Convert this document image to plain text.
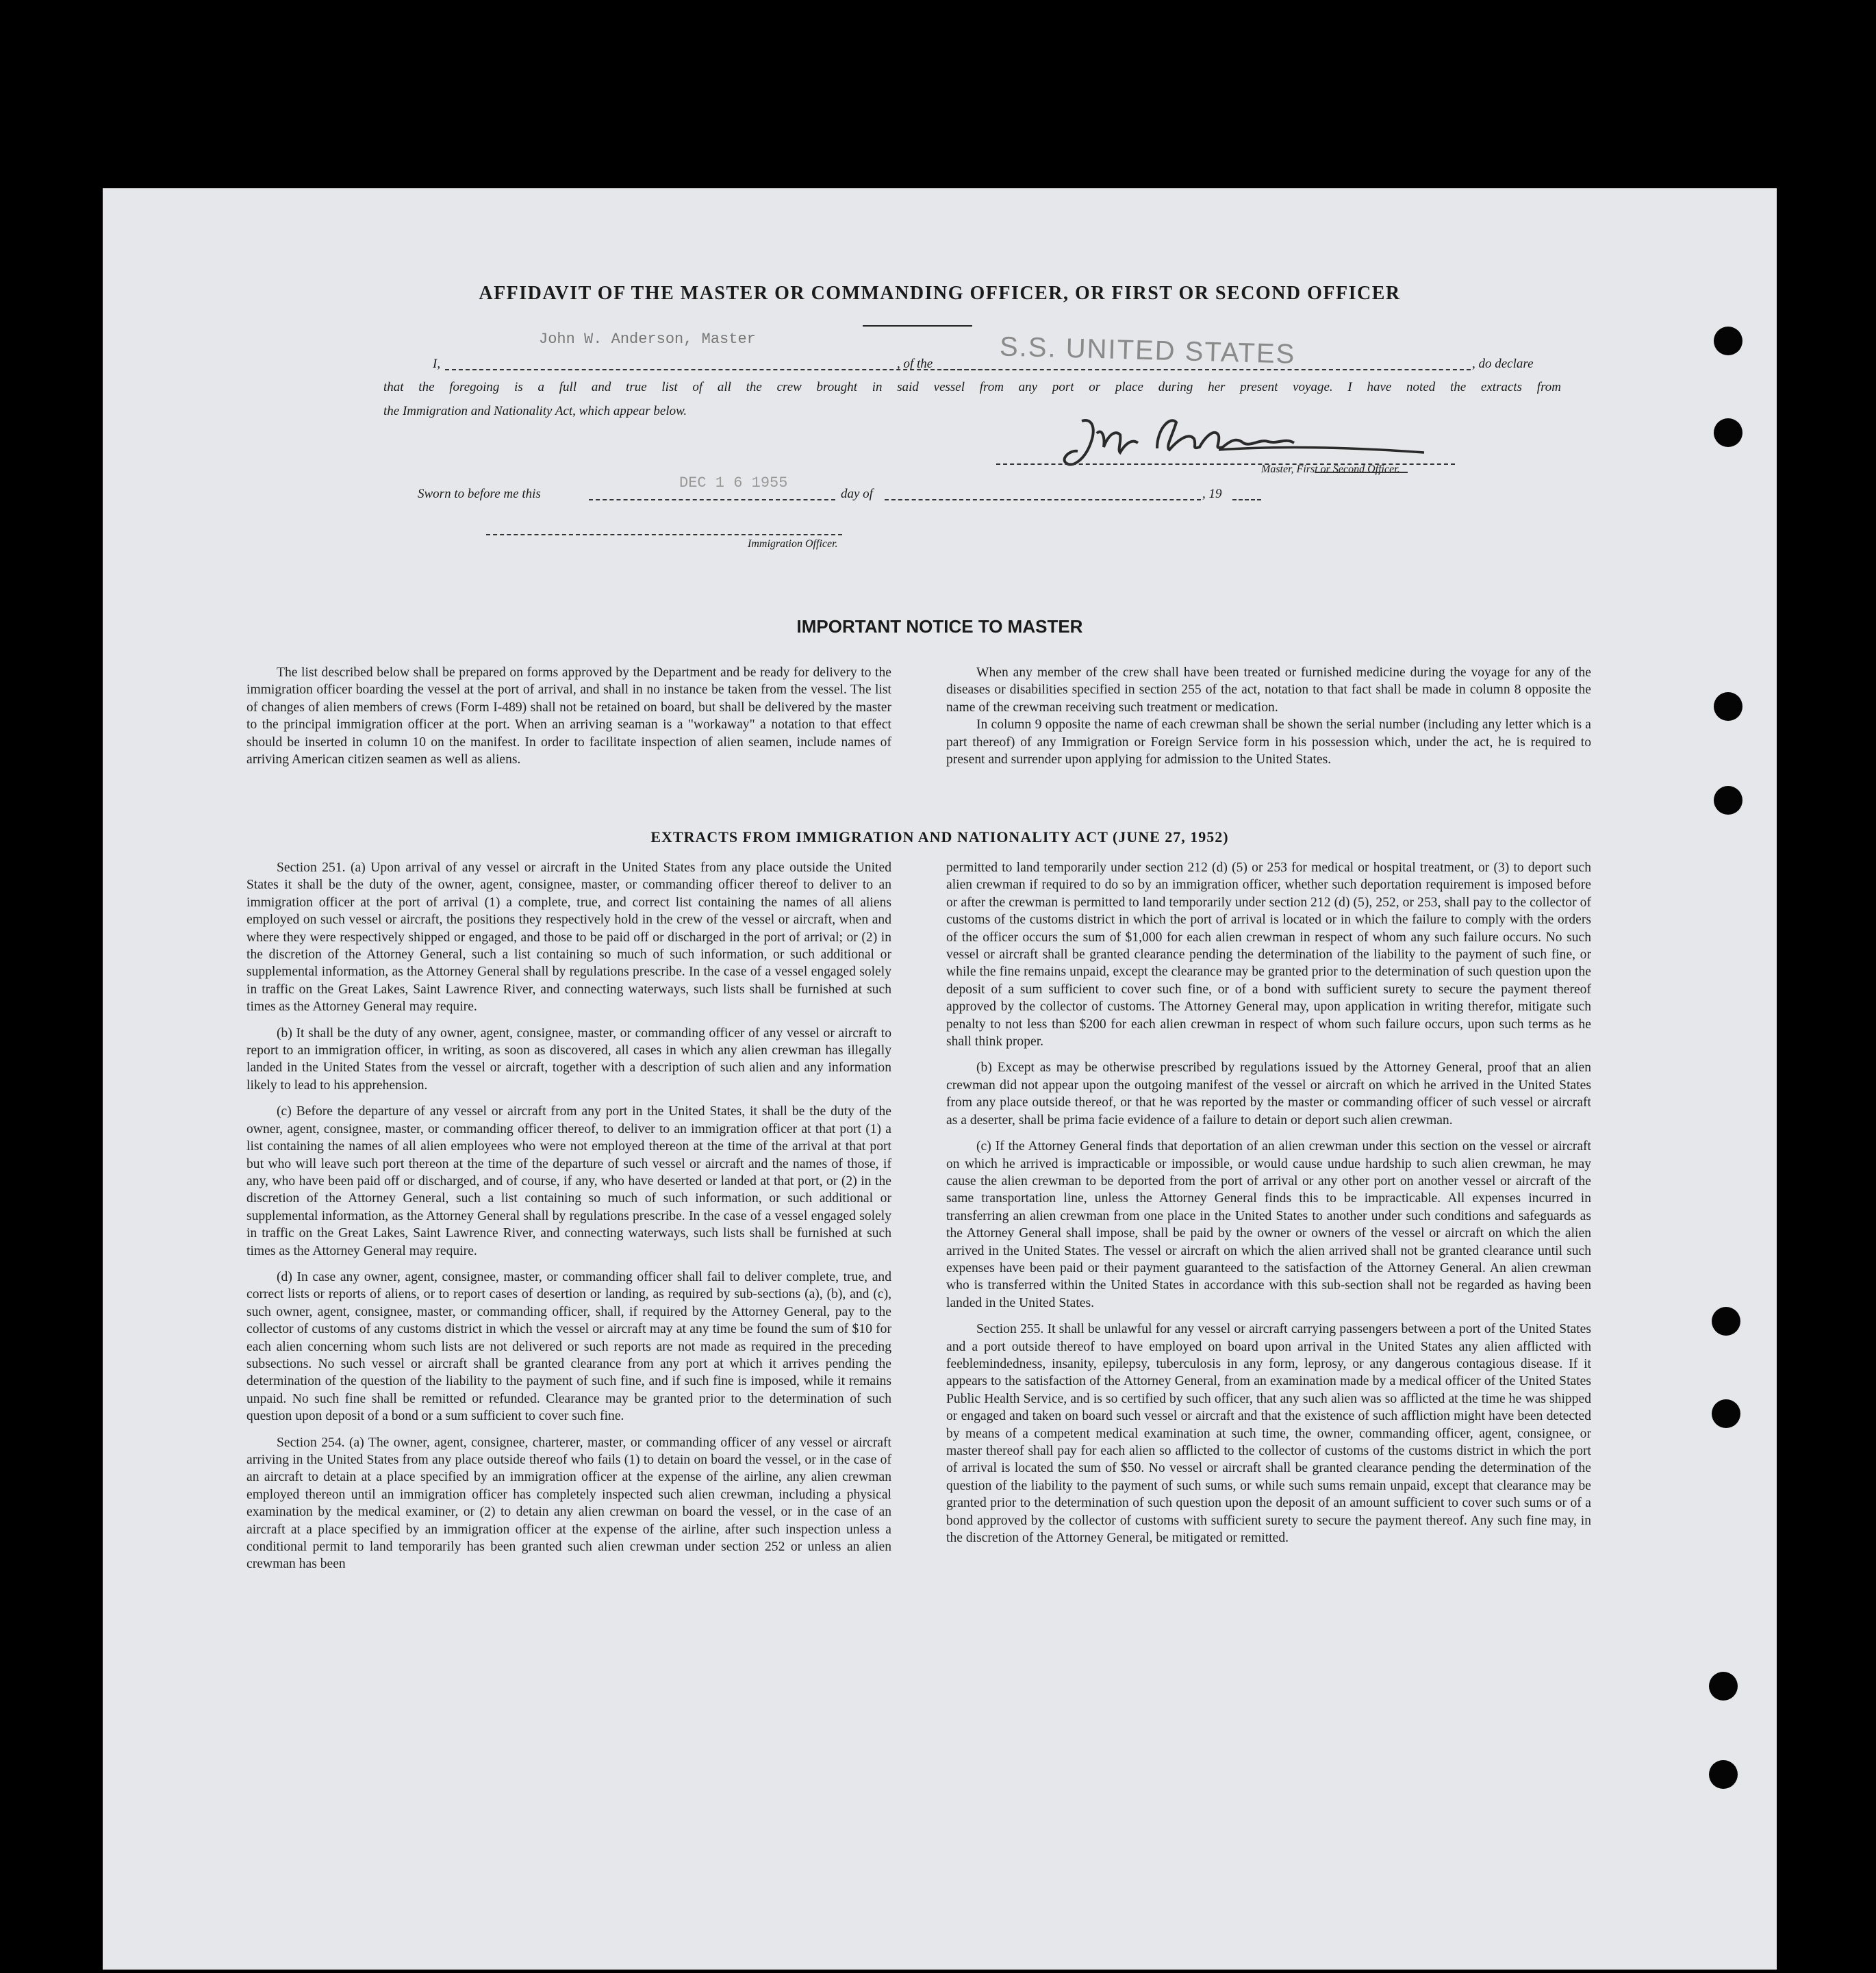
AFFIDAVIT OF THE MASTER OR COMMANDING OFFICER, OR FIRST OR SECOND OFFICER
John W. Anderson, Master
I,	, of the S.S. UNITED STATES	, do declare
that the foregoing is a full and true list of all the crew brought in said vessel from any port or place during her present voyage. I have noted the extracts from
the Immigration and Nationality Act, which appear below.
Master, First or Second Officer.
Sworn to before me this
DEC 1 6 1955
day of	, 19
Immigration Officer.
IMPORTANT NOTICE TO MASTER

The list described below shall be prepared on forms approved by the Department and be ready for delivery to the immigration officer boarding the vessel at the port of arrival, and shall in no instance be taken from the vessel. The list of changes of alien members of crews (Form I-489) shall not be retained on board, but shall be delivered by the master to the principal immigration officer at the port. When an arriving seaman is a "workaway" a notation to that effect should be inserted in column 10 on the manifest. In order to facilitate inspection of alien seamen, include names of arriving American citizen seamen as well as aliens.

When any member of the crew shall have been treated or furnished medicine during the voyage for any of the diseases or disabilities specified in section 255 of the act, notation to that fact shall be made in column 8 opposite the name of the crewman receiving such treatment or medication.

In column 9 opposite the name of each crewman shall be shown the serial number (including any letter which is a part thereof) of any Immigration or Foreign Service form in his possession which, under the act, he is required to present and surrender upon applying for admission to the United States.

EXTRACTS FROM IMMIGRATION AND NATIONALITY ACT (JUNE 27, 1952)

Section 251. (a) Upon arrival of any vessel or aircraft in the United States from any place outside the United States it shall be the duty of the owner, agent, consignee, master, or commanding officer thereof to deliver to an immigration officer at the port of arrival (1) a complete, true, and correct list containing the names of all aliens employed on such vessel or aircraft, the positions they respectively hold in the crew of the vessel or aircraft, when and where they were respectively shipped or engaged, and those to be paid off or discharged in the port of arrival; or (2) in the discretion of the Attorney General, such a list containing so much of such information, or such additional or supplemental information, as the Attorney General shall by regulations prescribe. In the case of a vessel engaged solely in traffic on the Great Lakes, Saint Lawrence River, and connecting waterways, such lists shall be furnished at such times as the Attorney General may require.

(b) It shall be the duty of any owner, agent, consignee, master, or commanding officer of any vessel or aircraft to report to an immigration officer, in writing, as soon as discovered, all cases in which any alien crewman has illegally landed in the United States from the vessel or aircraft, together with a description of such alien and any information likely to lead to his apprehension.

(c) Before the departure of any vessel or aircraft from any port in the United States, it shall be the duty of the owner, agent, consignee, master, or commanding officer thereof, to deliver to an immigration officer at that port (1) a list containing the names of all alien employees who were not employed thereon at the time of the arrival at that port but who will leave such port thereon at the time of the departure of such vessel or aircraft and the names of those, if any, who have been paid off or discharged, and of course, if any, who have deserted or landed at that port, or (2) in the discretion of the Attorney General, such a list containing so much of such information, or such additional or supplemental information, as the Attorney General shall by regulations prescribe. In the case of a vessel engaged solely in traffic on the Great Lakes, Saint Lawrence River, and connecting waterways, such lists shall be furnished at such times as the Attorney General may require.

(d) In case any owner, agent, consignee, master, or commanding officer shall fail to deliver complete, true, and correct lists or reports of aliens, or to report cases of desertion or landing, as required by sub-sections (a), (b), and (c), such owner, agent, consignee, master, or commanding officer, shall, if required by the Attorney General, pay to the collector of customs of any customs district in which the vessel or aircraft may at any time be found the sum of $10 for each alien concerning whom such lists are not delivered or such reports are not made as required in the preceding subsections. No such vessel or aircraft shall be granted clearance from any port at which it arrives pending the determination of the question of the liability to the payment of such fine, and if such fine is imposed, while it remains unpaid. No such fine shall be remitted or refunded. Clearance may be granted prior to the determination of such question upon deposit of a bond or a sum sufficient to cover such fine.

Section 254. (a) The owner, agent, consignee, charterer, master, or commanding officer of any vessel or aircraft arriving in the United States from any place outside thereof who fails (1) to detain on board the vessel, or in the case of an aircraft to detain at a place specified by an immigration officer at the expense of the airline, any alien crewman employed thereon until an immigration officer has completely inspected such alien crewman, including a physical examination by the medical examiner, or (2) to detain any alien crewman on board the vessel, or in the case of an aircraft at a place specified by an immigration officer at the expense of the airline, after such inspection unless a conditional permit to land temporarily has been granted such alien crewman under section 252 or unless an alien crewman has been

permitted to land temporarily under section 212 (d) (5) or 253 for medical or hospital treatment, or (3) to deport such alien crewman if required to do so by an immigration officer, whether such deportation requirement is imposed before or after the crewman is permitted to land temporarily under section 212 (d) (5), 252, or 253, shall pay to the collector of customs of the customs district in which the port of arrival is located or in which the failure to comply with the orders of the officer occurs the sum of $1,000 for each alien crewman in respect of whom any such failure occurs. No such vessel or aircraft shall be granted clearance pending the determination of the liability to the payment of such fine, or while the fine remains unpaid, except the clearance may be granted prior to the determination of such question upon the deposit of a sum sufficient to cover such fine, or of a bond with sufficient surety to secure the payment thereof approved by the collector of customs. The Attorney General may, upon application in writing therefor, mitigate such penalty to not less than $200 for each alien crewman in respect of whom such failure occurs, upon such terms as he shall think proper.

(b) Except as may be otherwise prescribed by regulations issued by the Attorney General, proof that an alien crewman did not appear upon the outgoing manifest of the vessel or aircraft on which he arrived in the United States from any place outside thereof, or that he was reported by the master or commanding officer of such vessel or aircraft as a deserter, shall be prima facie evidence of a failure to detain or deport such alien crewman.

(c) If the Attorney General finds that deportation of an alien crewman under this section on the vessel or aircraft on which he arrived is impracticable or impossible, or would cause undue hardship to such alien crewman, he may cause the alien crewman to be deported from the port of arrival or any other port on another vessel or aircraft of the same transportation line, unless the Attorney General finds this to be impracticable. All expenses incurred in transferring an alien crewman from one place in the United States to another under such conditions and safeguards as the Attorney General shall impose, shall be paid by the owner or owners of the vessel or aircraft on which the alien arrived in the United States. The vessel or aircraft on which the alien arrived shall not be granted clearance until such expenses have been paid or their payment guaranteed to the satisfaction of the Attorney General. An alien crewman who is transferred within the United States in accordance with this sub-section shall not be regarded as having been landed in the United States.

Section 255. It shall be unlawful for any vessel or aircraft carrying passengers between a port of the United States and a port outside thereof to have employed on board upon arrival in the United States any alien afflicted with feeblemindedness, insanity, epilepsy, tuberculosis in any form, leprosy, or any dangerous contagious disease. If it appears to the satisfaction of the Attorney General, from an examination made by a medical officer of the United States Public Health Service, and is so certified by such officer, that any such alien was so afflicted at the time he was shipped or engaged and taken on board such vessel or aircraft and that the existence of such affliction might have been detected by means of a competent medical examination at such time, the owner, commanding officer, agent, consignee, or master thereof shall pay for each alien so afflicted to the collector of customs of the customs district in which the port of arrival is located the sum of $50. No vessel or aircraft shall be granted clearance pending the determination of the question of the liability to the payment of such sums, or while such sums remain unpaid, except that clearance may be granted prior to the determination of such question upon the deposit of an amount sufficient to cover such sums or of a bond approved by the collector of customs with sufficient surety to secure the payment thereof. Any such fine may, in the discretion of the Attorney General, be mitigated or remitted.
